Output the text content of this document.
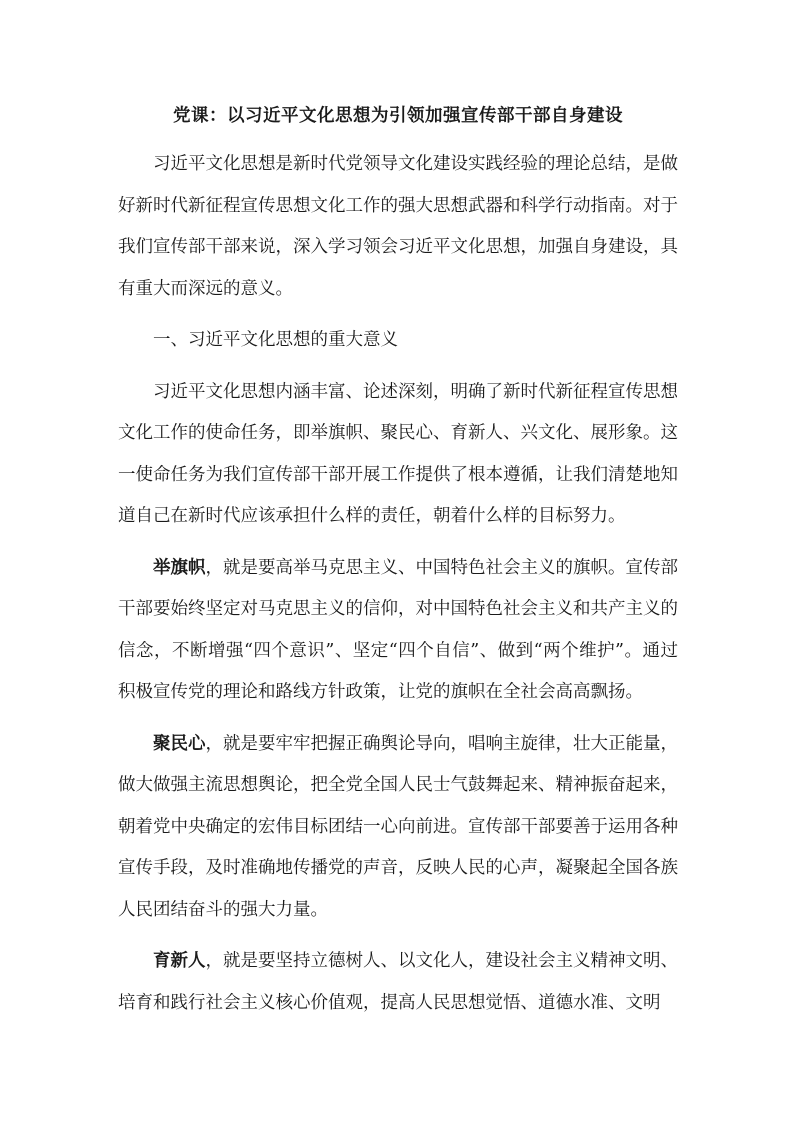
党课：以习近平文化思想为引领加强宣传部干部自身建设

习近平文化思想是新时代党领导文化建设实践经验的理论总结，是做好新时代新征程宣传思想文化工作的强大思想武器和科学行动指南。对于我们宣传部干部来说，深入学习领会习近平文化思想，加强自身建设，具有重大而深远的意义。

一、习近平文化思想的重大意义

习近平文化思想内涵丰富、论述深刻，明确了新时代新征程宣传思想文化工作的使命任务，即举旗帜、聚民心、育新人、兴文化、展形象。这一使命任务为我们宣传部干部开展工作提供了根本遵循，让我们清楚地知道自己在新时代应该承担什么样的责任，朝着什么样的目标努力。

举旗帜，就是要高举马克思主义、中国特色社会主义的旗帜。宣传部干部要始终坚定对马克思主义的信仰，对中国特色社会主义和共产主义的信念，不断增强“四个意识”、坚定“四个自信”、做到“两个维护”。通过积极宣传党的理论和路线方针政策，让党的旗帜在全社会高高飘扬。

聚民心，就是要牢牢把握正确舆论导向，唱响主旋律，壮大正能量，做大做强主流思想舆论，把全党全国人民士气鼓舞起来、精神振奋起来，朝着党中央确定的宏伟目标团结一心向前进。宣传部干部要善于运用各种宣传手段，及时准确地传播党的声音，反映人民的心声，凝聚起全国各族人民团结奋斗的强大力量。

育新人，就是要坚持立德树人、以文化人，建设社会主义精神文明、培育和践行社会主义核心价值观，提高人民思想觉悟、道德水准、文明
